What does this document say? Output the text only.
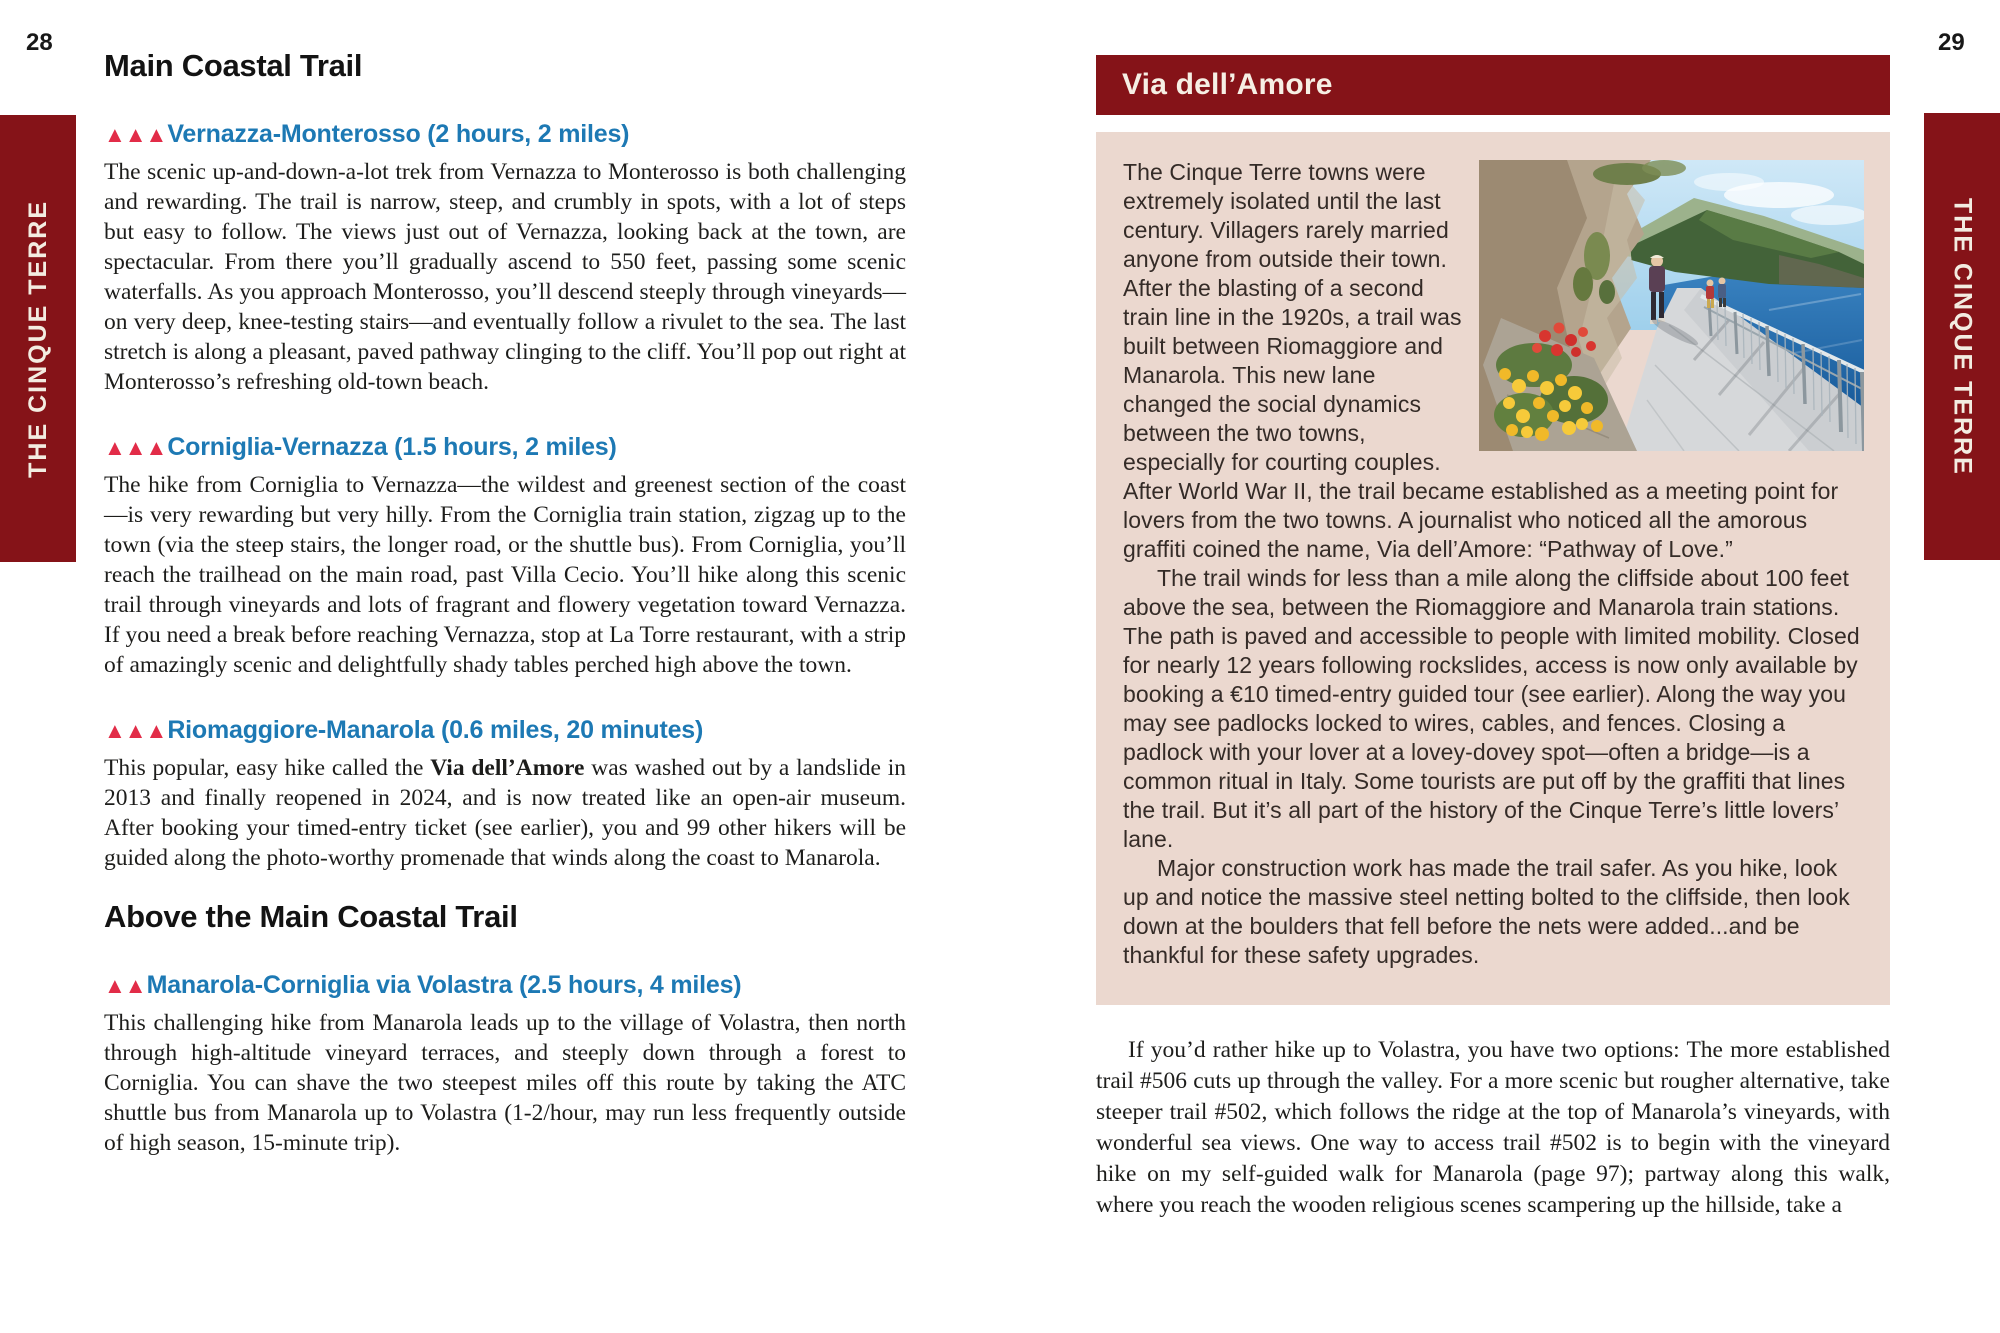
28	29
THE CINQUE TERRE	THE CINQUE TERRE
Main Coastal Trail
▲▲▲Vernazza-Monterosso (2 hours, 2 miles)

The scenic up-and-down-a-lot trek from Vernazza to Monterosso is both challenging and rewarding. The trail is narrow, steep, and crumbly in spots, with a lot of steps but easy to follow. The views just out of Vernazza, looking back at the town, are spectacular. From there you’ll gradually ascend to 550 feet, passing some scenic waterfalls. As you approach Monterosso, you’ll descend steeply through vineyards—on very deep, knee-testing stairs—and eventually follow a rivulet to the sea. The last stretch is along a pleasant, paved pathway clinging to the cliff. You’ll pop out right at Monterosso’s refreshing old-town beach.

▲▲▲Corniglia-Vernazza (1.5 hours, 2 miles)

The hike from Corniglia to Vernazza—the wildest and greenest section of the coast—is very rewarding but very hilly. From the Corniglia train station, zigzag up to the town (via the steep stairs, the longer road, or the shuttle bus). From Corniglia, you’ll reach the trailhead on the main road, past Villa Cecio. You’ll hike along this scenic trail through vineyards and lots of fragrant and flowery vegetation toward Vernazza. If you need a break before reaching Vernazza, stop at La Torre restaurant, with a strip of amazingly scenic and delightfully shady tables perched high above the town.

▲▲▲Riomaggiore-Manarola (0.6 miles, 20 minutes)

This popular, easy hike called the Via dell’Amore was washed out by a landslide in 2013 and finally reopened in 2024, and is now treated like an open-air museum. After booking your timed-entry ticket (see earlier), you and 99 other hikers will be guided along the photo-worthy promenade that winds along the coast to Manarola.

Above the Main Coastal Trail
▲▲Manarola-Corniglia via Volastra (2.5 hours, 4 miles)

This challenging hike from Manarola leads up to the village of Volastra, then north through high-altitude vineyard terraces, and steeply down through a forest to Corniglia. You can shave the two steepest miles off this route by taking the ATC shuttle bus from Manarola up to Volastra (1-2/hour, may run less frequently outside of high season, 15-minute trip).

Via dell’Amore

The Cinque Terre towns were extremely isolated until the last century. Villagers rarely married anyone from outside their town. After the blasting of a second train line in the 1920s, a trail was built between Riomaggiore and Manarola. This new lane changed the social dynamics between the two towns, especially for courting couples. After World War II, the trail became established as a meeting point for lovers from the two towns. A journalist who noticed all the amorous graffiti coined the name, Via dell’Amore: “Pathway of Love.”

The trail winds for less than a mile along the cliffside about 100 feet above the sea, between the Riomaggiore and Manarola train stations. The path is paved and accessible to people with limited mobility. Closed for nearly 12 years following rockslides, access is now only available by booking a €10 timed-entry guided tour (see earlier). Along the way you may see padlocks locked to wires, cables, and fences. Closing a padlock with your lover at a lovey-dovey spot—often a bridge—is a common ritual in Italy. Some tourists are put off by the graffiti that lines the trail. But it’s all part of the history of the Cinque Terre’s little lovers’ lane.

Major construction work has made the trail safer. As you hike, look up and notice the massive steel netting bolted to the cliffside, then look down at the boulders that fell before the nets were added...and be thankful for these safety upgrades.

If you’d rather hike up to Volastra, you have two options: The more established trail #506 cuts up through the valley. For a more scenic but rougher alternative, take steeper trail #502, which follows the ridge at the top of Manarola’s vineyards, with wonderful sea views. One way to access trail #502 is to begin with the vineyard hike on my self-guided walk for Manarola (page 97); partway along this walk, where you reach the wooden religious scenes scampering up the hillside, take a
